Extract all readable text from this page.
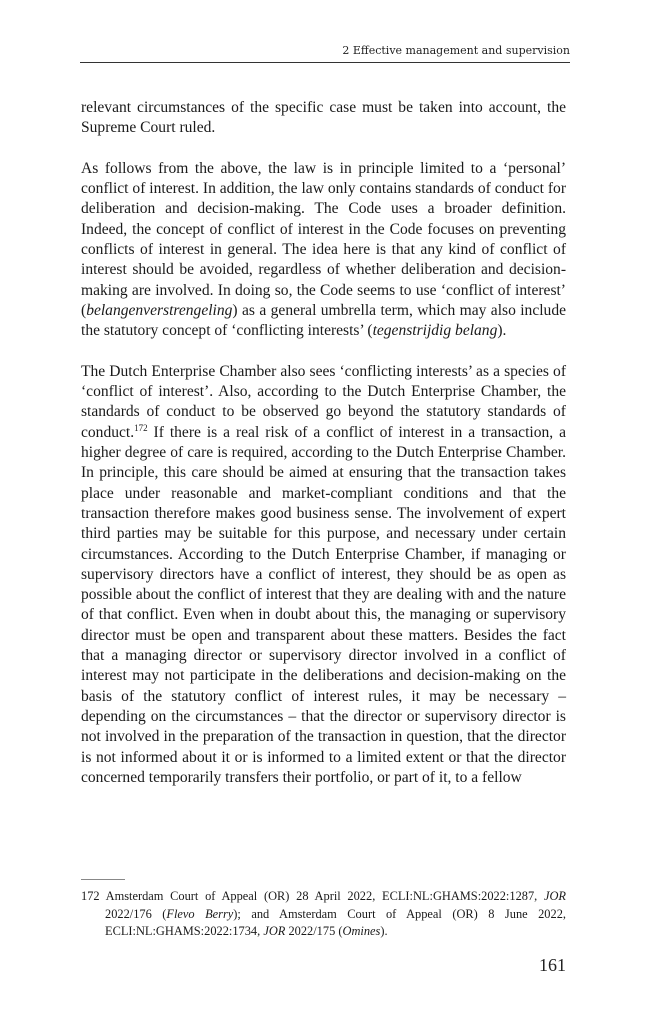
2 Effective management and supervision

relevant circumstances of the specific case must be taken into account, the Supreme Court ruled.

As follows from the above, the law is in principle limited to a ‘personal’ conflict of interest. In addition, the law only contains standards of conduct for deliberation and decision-making. The Code uses a broader definition. Indeed, the concept of conflict of interest in the Code focuses on preventing conflicts of interest in general. The idea here is that any kind of conflict of interest should be avoided, regardless of whether deliberation and decision-making are involved. In doing so, the Code seems to use ‘conflict of interest’ (belangenverstrengeling) as a general umbrella term, which may also include the statutory concept of ‘conflicting interests’ (tegenstrijdig belang).

The Dutch Enterprise Chamber also sees ‘conflicting interests’ as a species of ‘conflict of interest’. Also, according to the Dutch Enterprise Chamber, the standards of conduct to be observed go beyond the statutory standards of conduct.$^{172}$ If there is a real risk of a conflict of interest in a transaction, a higher degree of care is required, according to the Dutch Enterprise Chamber. In principle, this care should be aimed at ensuring that the transaction takes place under reasonable and market-compliant conditions and that the transaction therefore makes good business sense. The involvement of expert third parties may be suitable for this purpose, and necessary under certain circumstances. According to the Dutch Enterprise Chamber, if managing or supervisory directors have a conflict of interest, they should be as open as possible about the conflict of interest that they are dealing with and the nature of that conflict. Even when in doubt about this, the managing or supervisory director must be open and transparent about these matters. Besides the fact that a managing director or supervisory director involved in a conflict of interest may not participate in the deliberations and decision-making on the basis of the statutory conflict of interest rules, it may be necessary – depending on the circumstances – that the director or supervisory director is not involved in the preparation of the transaction in question, that the director is not informed about it or is informed to a limited extent or that the director concerned temporarily transfers their portfolio, or part of it, to a fellow

172 Amsterdam Court of Appeal (OR) 28 April 2022, ECLI:NL:GHAMS:2022:1287, JOR 2022/176 (Flevo Berry); and Amsterdam Court of Appeal (OR) 8 June 2022, ECLI:NL:GHAMS:2022:1734, JOR 2022/175 (Omines).
161
